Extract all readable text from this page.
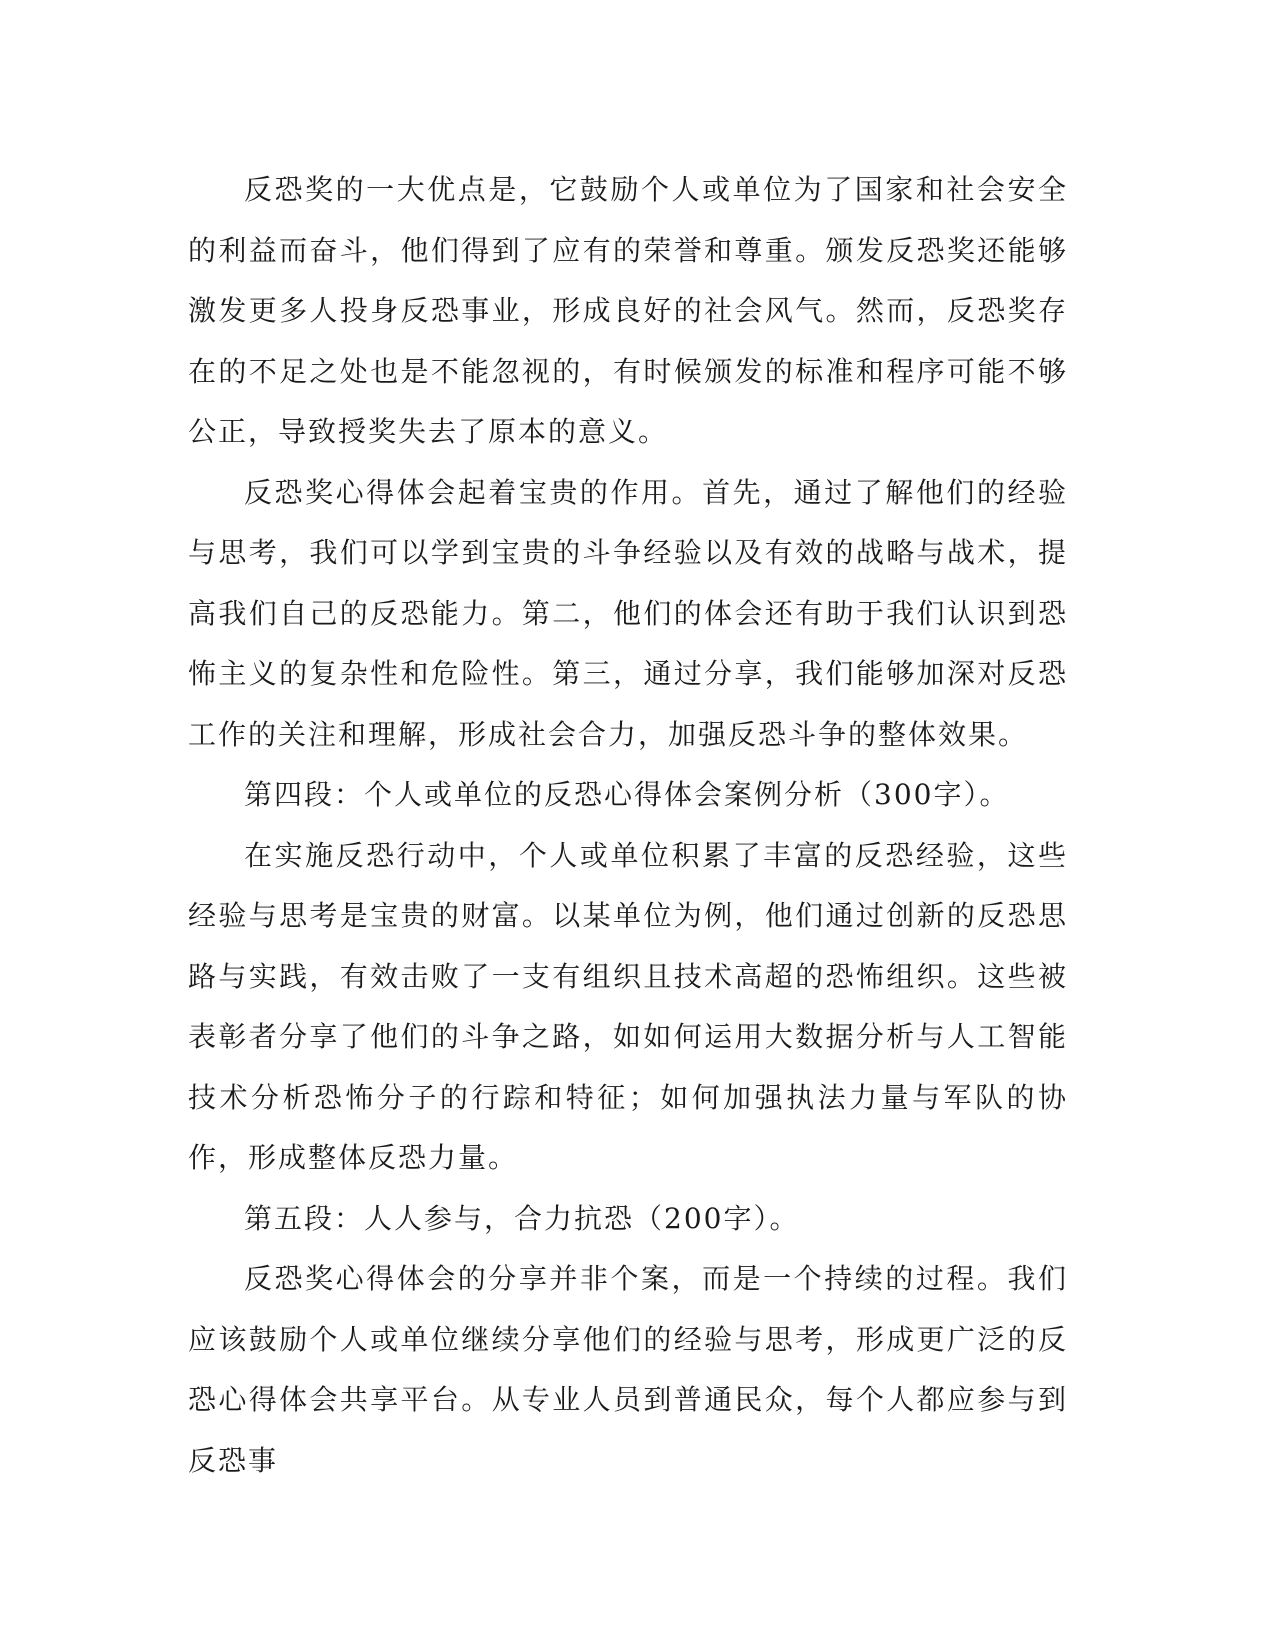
反恐奖的一大优点是，它鼓励个人或单位为了国家和社会安全的利益而奋斗，他们得到了应有的荣誉和尊重。颁发反恐奖还能够激发更多人投身反恐事业，形成良好的社会风气。然而，反恐奖存在的不足之处也是不能忽视的，有时候颁发的标准和程序可能不够公正，导致授奖失去了原本的意义。

反恐奖心得体会起着宝贵的作用。首先，通过了解他们的经验与思考，我们可以学到宝贵的斗争经验以及有效的战略与战术，提高我们自己的反恐能力。第二，他们的体会还有助于我们认识到恐怖主义的复杂性和危险性。第三，通过分享，我们能够加深对反恐工作的关注和理解，形成社会合力，加强反恐斗争的整体效果。

第四段：个人或单位的反恐心得体会案例分析（300字）。

在实施反恐行动中，个人或单位积累了丰富的反恐经验，这些经验与思考是宝贵的财富。以某单位为例，他们通过创新的反恐思路与实践，有效击败了一支有组织且技术高超的恐怖组织。这些被表彰者分享了他们的斗争之路，如如何运用大数据分析与人工智能技术分析恐怖分子的行踪和特征；如何加强执法力量与军队的协作，形成整体反恐力量。

第五段：人人参与，合力抗恐（200字）。

反恐奖心得体会的分享并非个案，而是一个持续的过程。我们应该鼓励个人或单位继续分享他们的经验与思考，形成更广泛的反恐心得体会共享平台。从专业人员到普通民众，每个人都应参与到反恐事
